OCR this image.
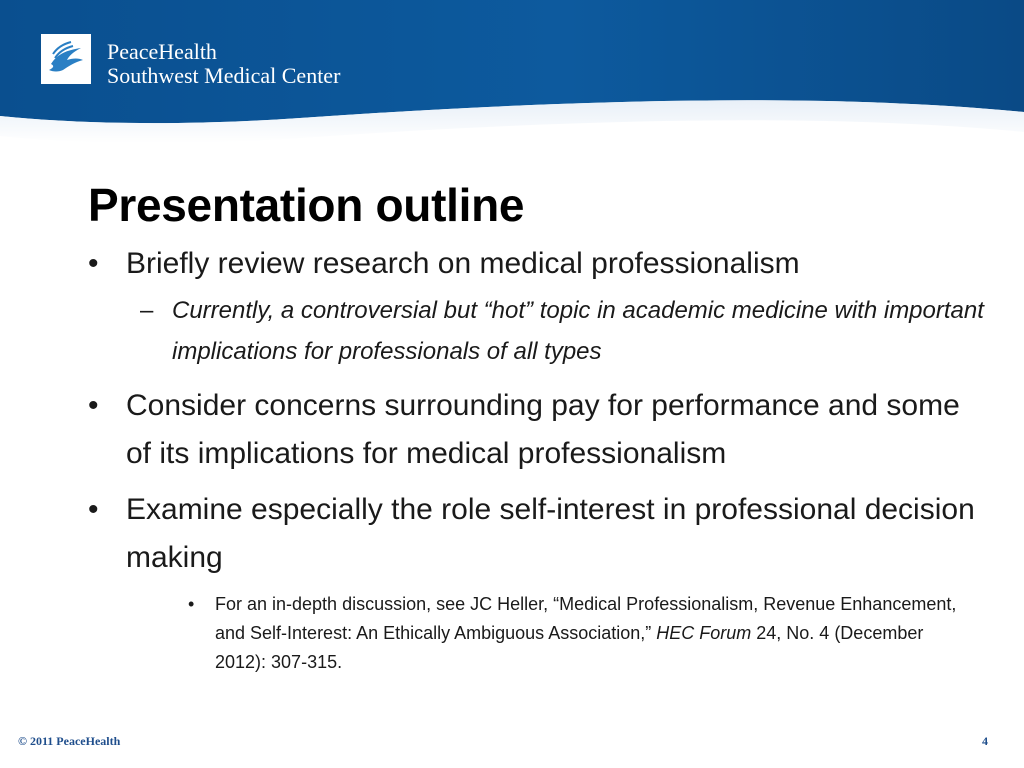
PeaceHealth
Southwest Medical Center
Presentation outline
• Briefly review research on medical professionalism
– Currently, a controversial but “hot” topic in academic medicine with important implications for professionals of all types
• Consider concerns surrounding pay for performance and some of its implications for medical professionalism
• Examine especially the role self-interest in professional decision making
• For an in-depth discussion, see JC Heller, “Medical Professionalism, Revenue Enhancement, and Self-Interest: An Ethically Ambiguous Association,” HEC Forum 24, No. 4 (December 2012): 307-315.
© 2011 PeaceHealth	4
